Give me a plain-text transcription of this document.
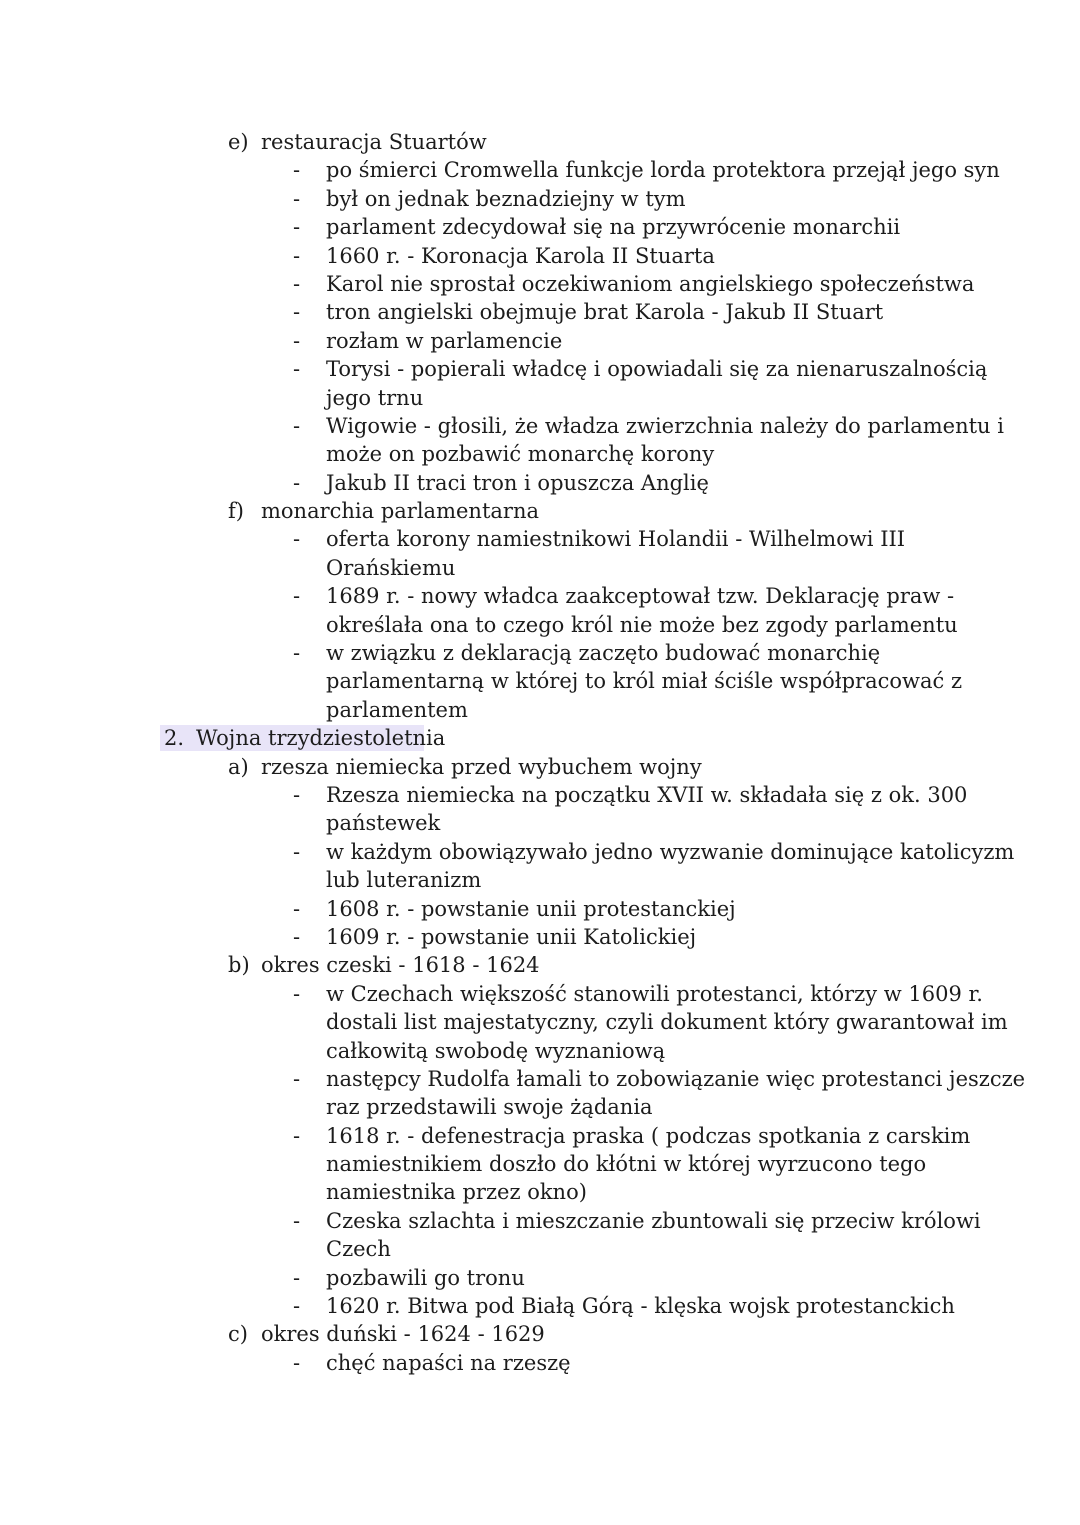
e) restauracja Stuartów
- po śmierci Cromwella funkcje lorda protektora przejął jego syn
- był on jednak beznadziejny w tym
- parlament zdecydował się na przywrócenie monarchii
- 1660 r. - Koronacja Karola II Stuarta
- Karol nie sprostał oczekiwaniom angielskiego społeczeństwa
- tron angielski obejmuje brat Karola - Jakub II Stuart
- rozłam w parlamencie
- Torysi - popierali władcę i opowiadali się za nienaruszalnością
jego trnu
- Wigowie - głosili, że władza zwierzchnia należy do parlamentu i
może on pozbawić monarchę korony
- Jakub II traci tron i opuszcza Anglię
f) monarchia parlamentarna
- oferta korony namiestnikowi Holandii - Wilhelmowi III
Orańskiemu
- 1689 r. - nowy władca zaakceptował tzw. Deklarację praw -
określała ona to czego król nie może bez zgody parlamentu
- w związku z deklaracją zaczęto budować monarchię
parlamentarną w której to król miał ściśle współpracować z
parlamentem
2. Wojna trzydziestoletnia
a) rzesza niemiecka przed wybuchem wojny
- Rzesza niemiecka na początku XVII w. składała się z ok. 300
państewek
- w każdym obowiązywało jedno wyzwanie dominujące katolicyzm
lub luteranizm
- 1608 r. - powstanie unii protestanckiej
- 1609 r. - powstanie unii Katolickiej
b) okres czeski - 1618 - 1624
- w Czechach większość stanowili protestanci, którzy w 1609 r.
dostali list majestatyczny, czyli dokument który gwarantował im
całkowitą swobodę wyznaniową
- następcy Rudolfa łamali to zobowiązanie więc protestanci jeszcze
raz przedstawili swoje żądania
- 1618 r. - defenestracja praska ( podczas spotkania z carskim
namiestnikiem doszło do kłótni w której wyrzucono tego
namiestnika przez okno)
- Czeska szlachta i mieszczanie zbuntowali się przeciw królowi
Czech
- pozbawili go tronu
- 1620 r. Bitwa pod Białą Górą - klęska wojsk protestanckich
c) okres duński - 1624 - 1629
- chęć napaści na rzeszę
